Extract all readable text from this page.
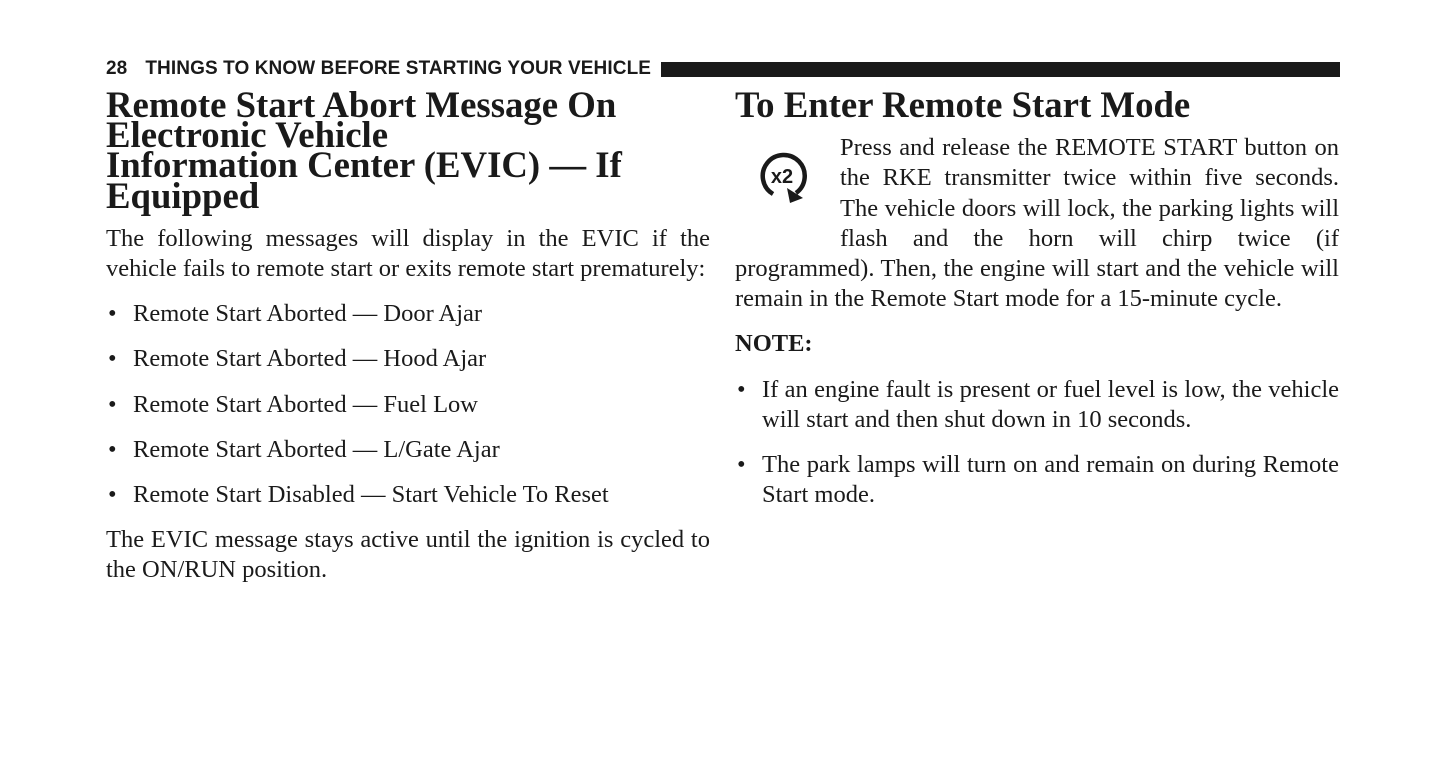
28 THINGS TO KNOW BEFORE STARTING YOUR VEHICLE
Remote Start Abort Message On Electronic Vehicle
Information Center (EVIC) — If Equipped

The following messages will display in the EVIC if the vehicle fails to remote start or exits remote start prematurely:

• Remote Start Aborted — Door Ajar
• Remote Start Aborted — Hood Ajar
• Remote Start Aborted — Fuel Low
• Remote Start Aborted — L/Gate Ajar
• Remote Start Disabled — Start Vehicle To Reset

The EVIC message stays active until the ignition is cycled to the ON/RUN position.

To Enter Remote Start Mode
x2

Press and release the REMOTE START button on the RKE transmitter twice within five seconds. The vehicle doors will lock, the parking lights will flash and the horn will chirp twice (if programmed). Then, the engine will start and the vehicle will remain in the Remote Start mode for a 15-minute cycle.

NOTE:
• If an engine fault is present or fuel level is low, the vehicle will start and then shut down in 10 seconds.
• The park lamps will turn on and remain on during Remote Start mode.
